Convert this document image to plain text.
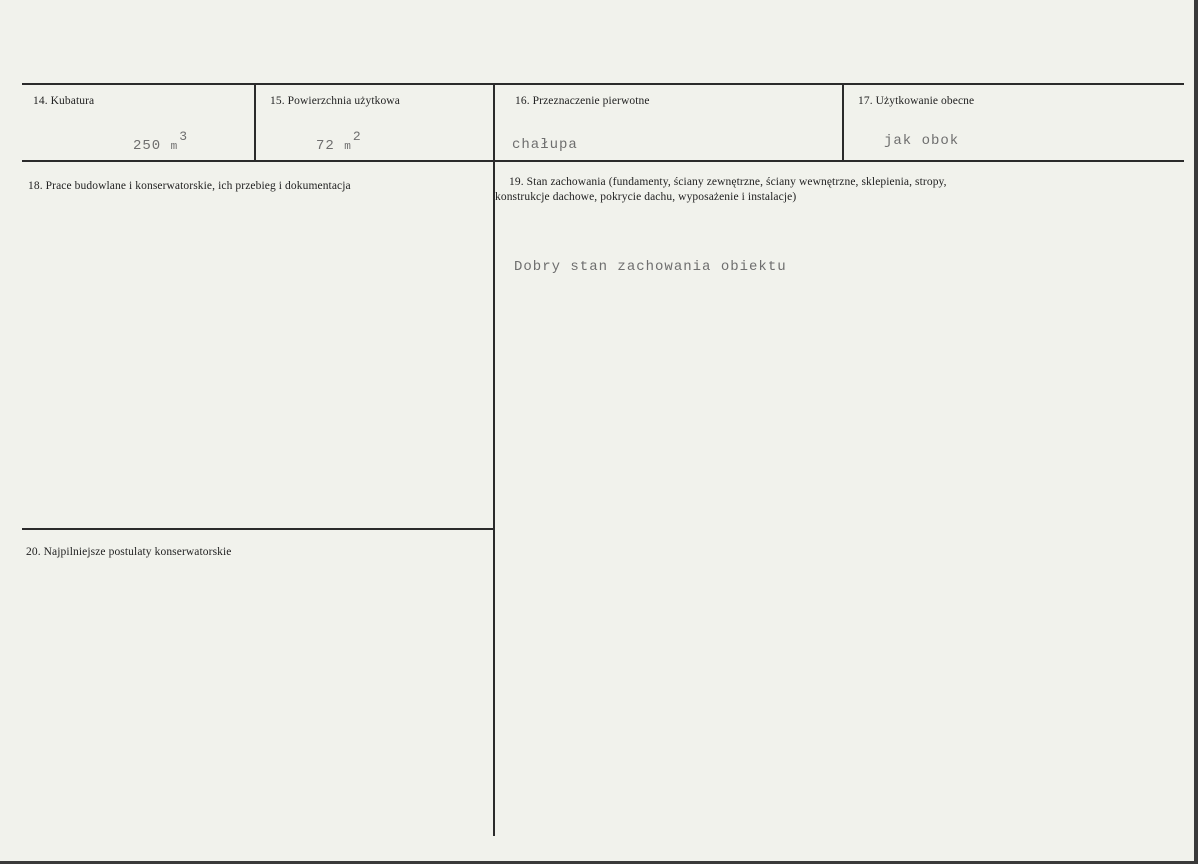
14. Kubatura
250 m3
15. Powierzchnia użytkowa
72 m2
16. Przeznaczenie pierwotne
chałupa
17. Użytkowanie obecne
jak obok
18. Prace budowlane i konserwatorskie, ich przebieg i dokumentacja	19. Stan zachowania (fundamenty, ściany zewnętrzne, ściany wewnętrzne, sklepienia, stropy,
konstrukcje dachowe, pokrycie dachu, wyposażenie i instalacje)
Dobry stan zachowania obiektu
20. Najpilniejsze postulaty konserwatorskie
